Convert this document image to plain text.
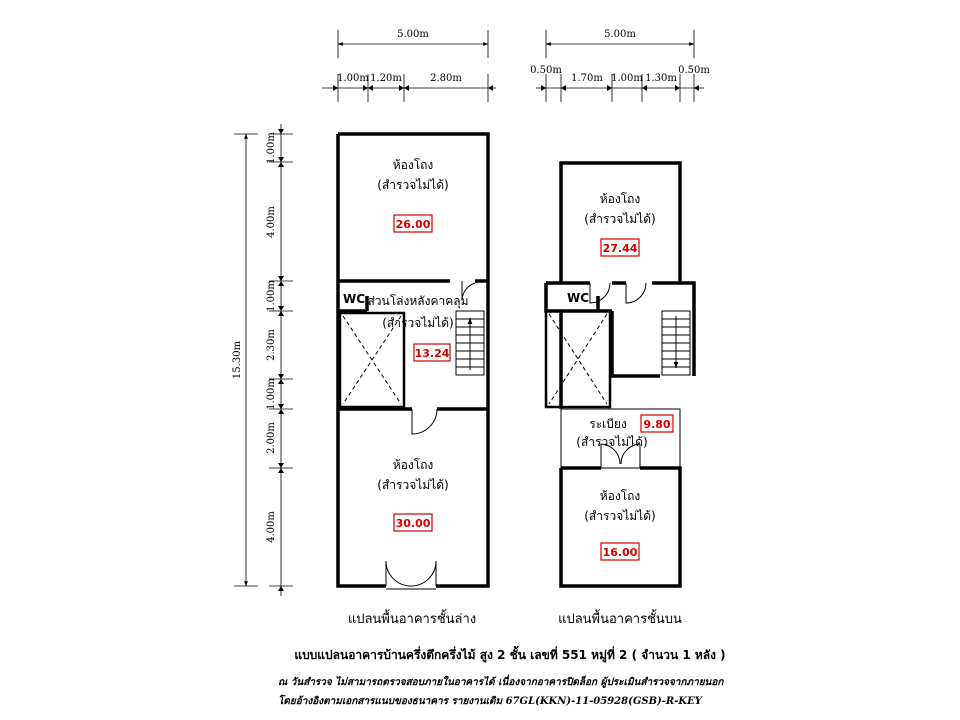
5.00m
1.00m 1.20m	2.80m
5.00m
0.50m
1.70m 1.00m 1.30m
0.50m
15.30m
1.00m
4.00m
1.00m
2.30m
1.00m
2.00m
4.00m
ห้องโถง
(สำรวจไม่ได้)
26.00
WC ส่วนโล่งหลังคาคลุม
(สำรวจไม่ได้)
13.24
ห้องโถง
(สำรวจไม่ได้)
30.00
ห้องโถง
(สำรวจไม่ได้)
27.44
WC
ระเบียง
(สำรวจไม่ได้)
9.80
ห้องโถง
(สำรวจไม่ได้)
16.00
แปลนพื้นอาคารชั้นล่าง	แปลนพื้นอาคารชั้นบน
แบบแปลนอาคารบ้านครึ่งตึกครึ่งไม้ สูง 2 ชั้น เลขที่ 551 หมู่ที่ 2 ( จำนวน 1 หลัง )
ณ วันสำรวจ ไม่สามารถตรวจสอบภายในอาคารได้ เนื่องจากอาคารปิดล็อก ผู้ประเมินสำรวจจากภายนอก
โดยอ้างอิงตามเอกสารแนบของธนาคาร รายงานเดิม 67GL(KKN)-11-05928(GSB)-R-KEY
